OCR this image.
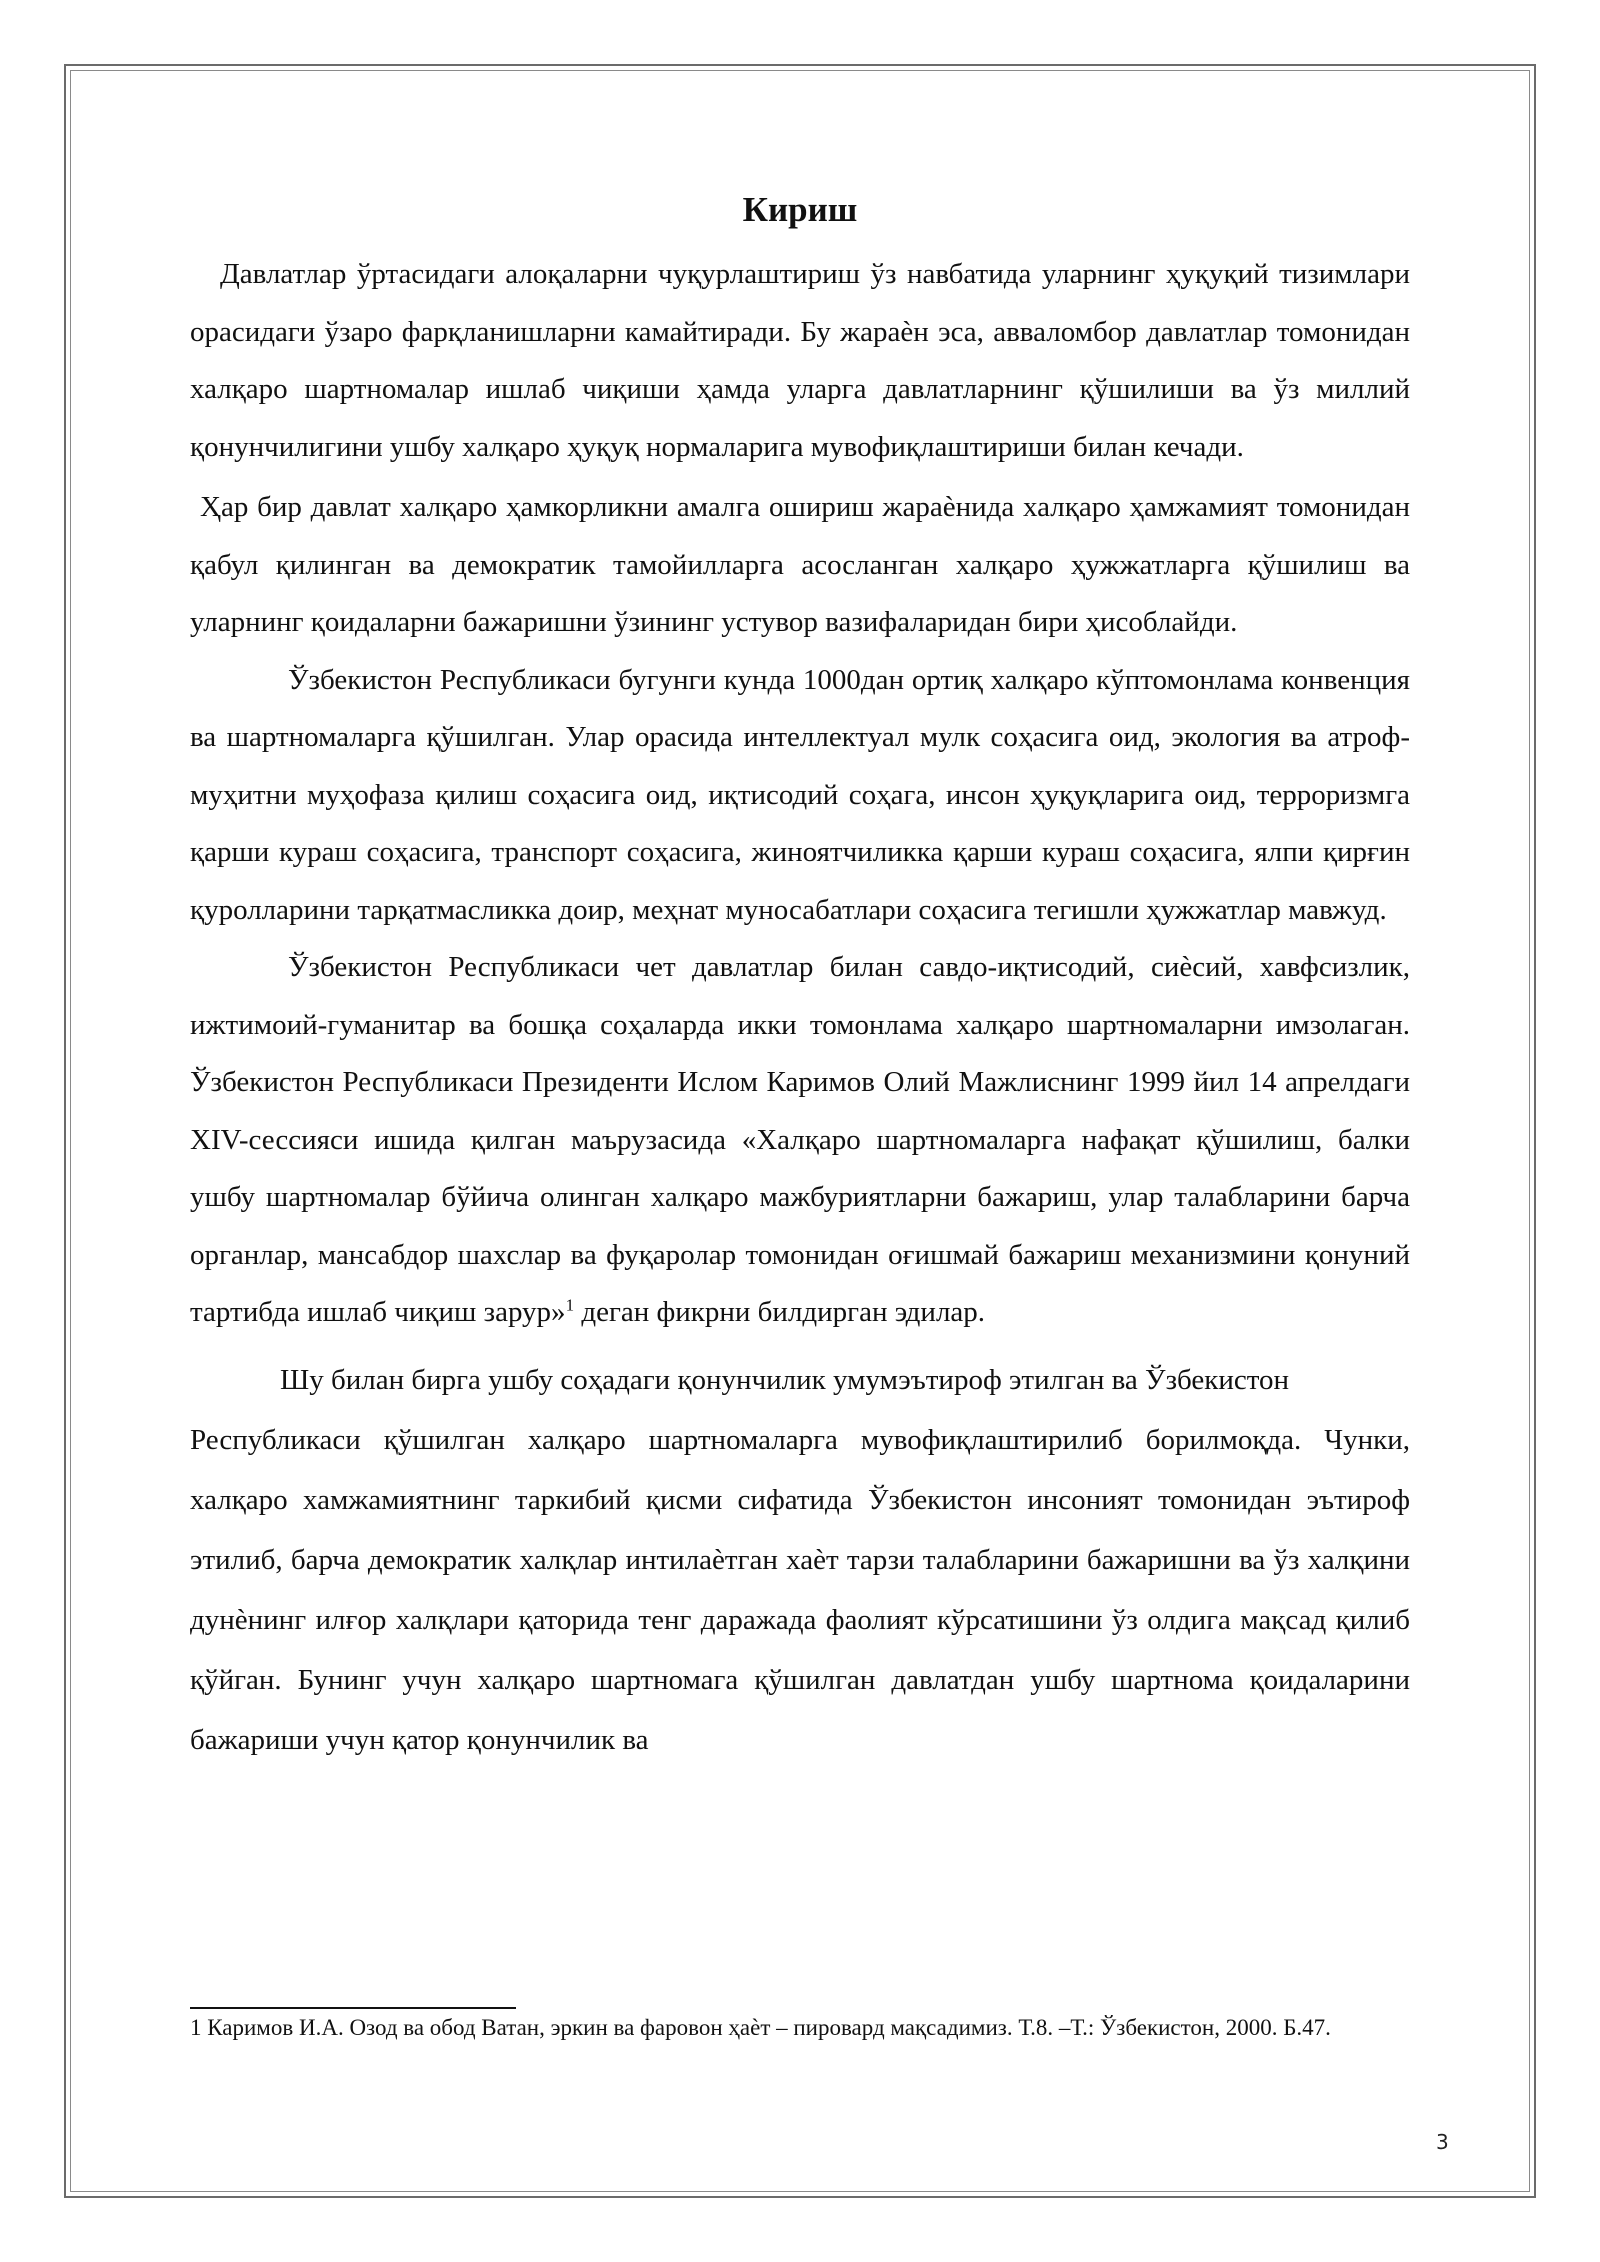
Кириш

Давлатлар ўртасидаги алоқаларни чуқурлаштириш ўз навбатида уларнинг ҳуқуқий тизимлари орасидаги ўзаро фарқланишларни камайтиради. Бу жараѐн эса, авваломбор давлатлар томонидан халқаро шартномалар ишлаб чиқиши ҳамда уларга давлатларнинг қўшилиши ва ўз миллий қонунчилигини ушбу халқаро ҳуқуқ нормаларига мувофиқлаштириши билан кечади.

Ҳар бир давлат халқаро ҳамкорликни амалга ошириш жараѐнида халқаро ҳамжамият томонидан қабул қилинган ва демократик тамойилларга асосланган халқаро ҳужжатларга қўшилиш ва уларнинг қоидаларни бажаришни ўзининг устувор вазифаларидан бири ҳисоблайди.

Ўзбекистон Республикаси бугунги кунда 1000дан ортиқ халқаро кўптомонлама конвенция ва шартномаларга қўшилган. Улар орасида интеллектуал мулк соҳасига оид, экология ва атроф-муҳитни муҳофаза қилиш соҳасига оид, иқтисодий соҳага, инсон ҳуқуқларига оид, терроризмга қарши кураш соҳасига, транспорт соҳасига, жиноятчиликка қарши кураш соҳасига, ялпи қирғин қуролларини тарқатмасликка доир, меҳнат муносабатлари соҳасига тегишли ҳужжатлар мавжуд.

Ўзбекистон Республикаси чет давлатлар билан савдо-иқтисодий, сиѐсий, хавфсизлик, ижтимоий-гуманитар ва бошқа соҳаларда икки томонлама халқаро шартномаларни имзолаган. Ўзбекистон Республикаси Президенти Ислом Каримов Олий Мажлиснинг 1999 йил 14 апрелдаги XIV-сессияси ишида қилган маърузасида «Халқаро шартномаларга нафақат қўшилиш, балки ушбу шартномалар бўйича олинган халқаро мажбуриятларни бажариш, улар талабларини барча органлар, мансабдор шахслар ва фуқаролар томонидан оғишмай бажариш механизмини қонуний тартибда ишлаб чиқиш зарур»$^1$ деган фикрни билдирган эдилар.

Шу билан бирга ушбу соҳадаги қонунчилик умумэътироф этилган ва Ўзбекистон
Республикаси қўшилган халқаро шартномаларга мувофиқлаштирилиб борилмоқда. Чунки, халқаро хамжамиятнинг таркибий қисми сифатида Ўзбекистон инсоният томонидан эътироф этилиб, барча демократик халқлар интилаѐтган хаѐт тарзи талабларини бажаришни ва ўз халқини дунѐнинг илғор халқлари қаторида тенг даражада фаолият кўрсатишини ўз олдига мақсад қилиб қўйган. Бунинг учун халқаро шартномага қўшилган давлатдан ушбу шартнома қоидаларини бажариши учун қатор қонунчилик ва

1 Каримов И.А. Озод ва обод Ватан, эркин ва фаровон ҳаѐт – пировард мақсадимиз. Т.8. –Т.: Ўзбекистон, 2000. Б.47.
3
